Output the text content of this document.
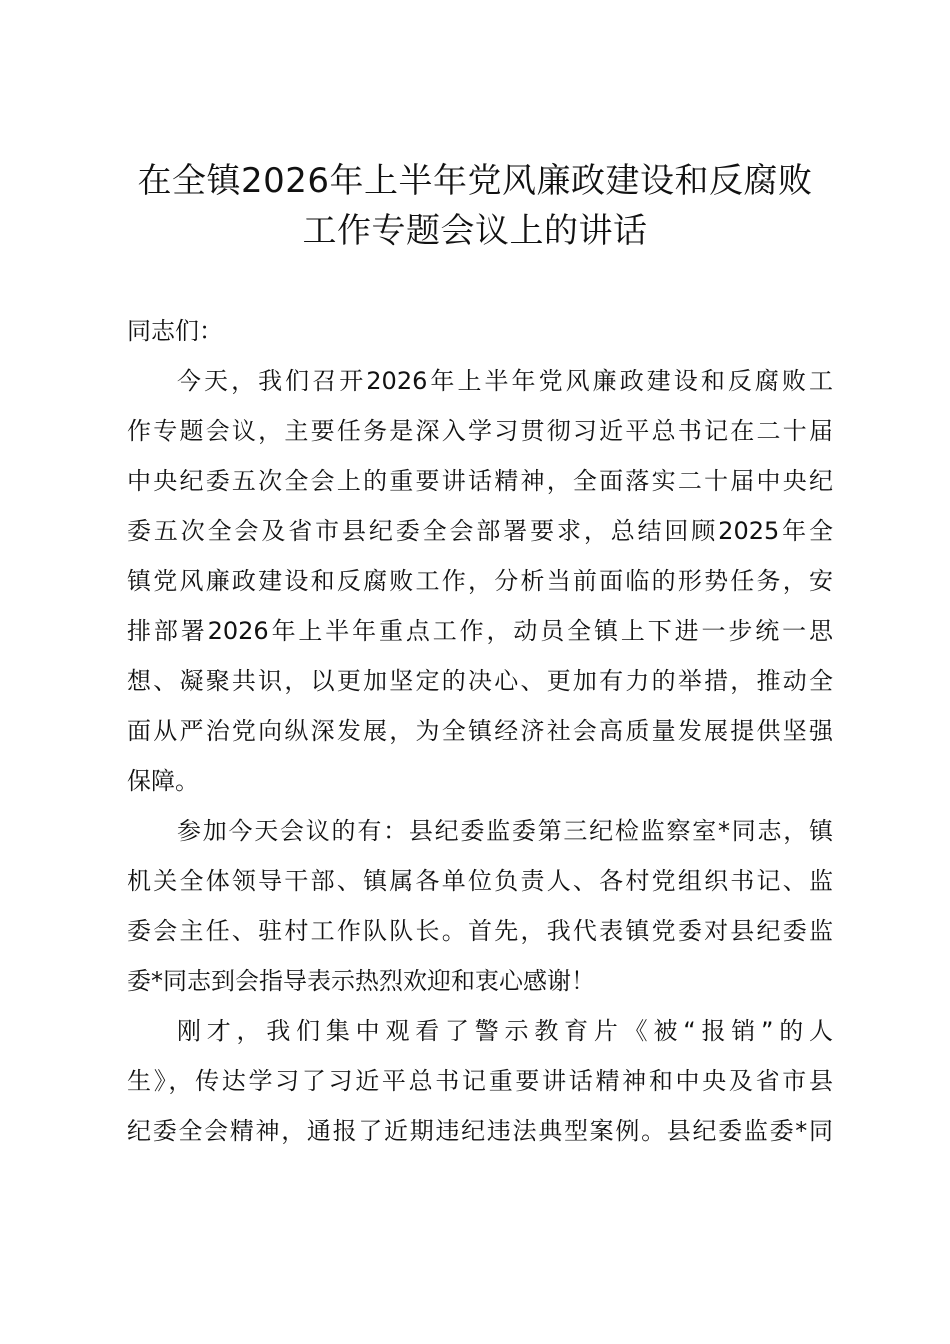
在全镇2026年上半年党风廉政建设和反腐败
工作专题会议上的讲话
同志们：
今天，我们召开2026年上半年党风廉政建设和反腐败工
作专题会议，主要任务是深入学习贯彻习近平总书记在二十届
中央纪委五次全会上的重要讲话精神，全面落实二十届中央纪
委五次全会及省市县纪委全会部署要求，总结回顾2025年全
镇党风廉政建设和反腐败工作，分析当前面临的形势任务，安
排部署2026年上半年重点工作，动员全镇上下进一步统一思
想、凝聚共识，以更加坚定的决心、更加有力的举措，推动全
面从严治党向纵深发展，为全镇经济社会高质量发展提供坚强
保障。
参加今天会议的有：县纪委监委第三纪检监察室*同志，镇
机关全体领导干部、镇属各单位负责人、各村党组织书记、监
委会主任、驻村工作队队长。首先，我代表镇党委对县纪委监
委*同志到会指导表示热烈欢迎和衷心感谢！
刚才，我们集中观看了警示教育片《被“报销”的人
生》，传达学习了习近平总书记重要讲话精神和中央及省市县
纪委全会精神，通报了近期违纪违法典型案例。县纪委监委*同
